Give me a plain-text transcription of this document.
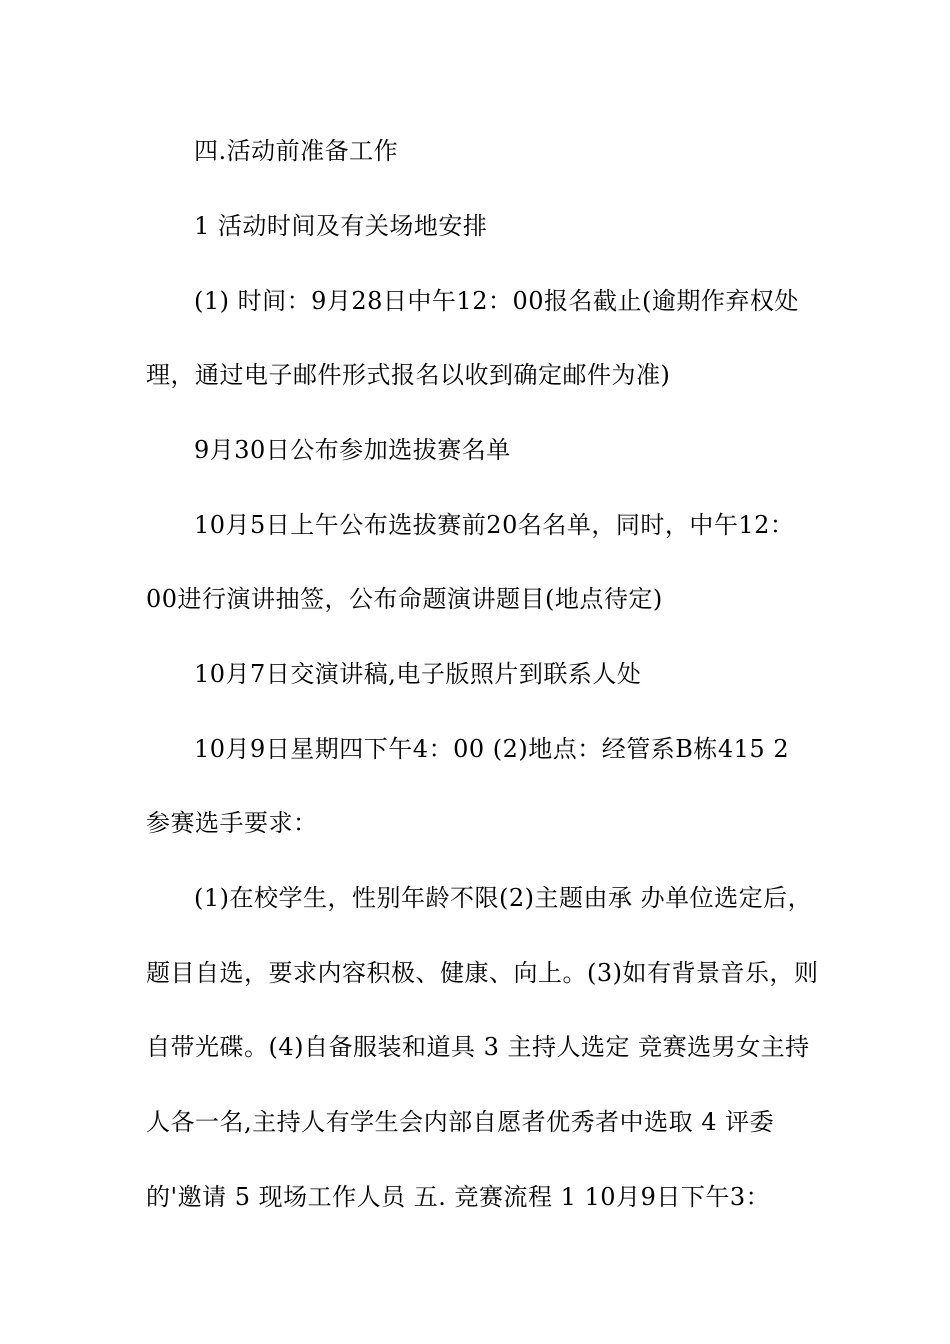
四.活动前准备工作
1 活动时间及有关场地安排
(1) 时间：9月28日中午12：00报名截止(逾期作弃权处
理，通过电子邮件形式报名以收到确定邮件为准)
9月30日公布参加选拔赛名单
10月5日上午公布选拔赛前20名名单，同时，中午12：
00进行演讲抽签，公布命题演讲题目(地点待定)
10月7日交演讲稿,电子版照片到联系人处
10月9日星期四下午4：00 (2)地点：经管系B栋415 2
参赛选手要求：
(1)在校学生，性别年龄不限(2)主题由承 办单位选定后，
题目自选，要求内容积极、健康、向上。(3)如有背景音乐，则
自带光碟。(4)自备服装和道具 3 主持人选定 竞赛选男女主持
人各一名,主持人有学生会内部自愿者优秀者中选取 4 评委
的'邀请 5 现场工作人员 五. 竞赛流程 1 10月9日下午3：
